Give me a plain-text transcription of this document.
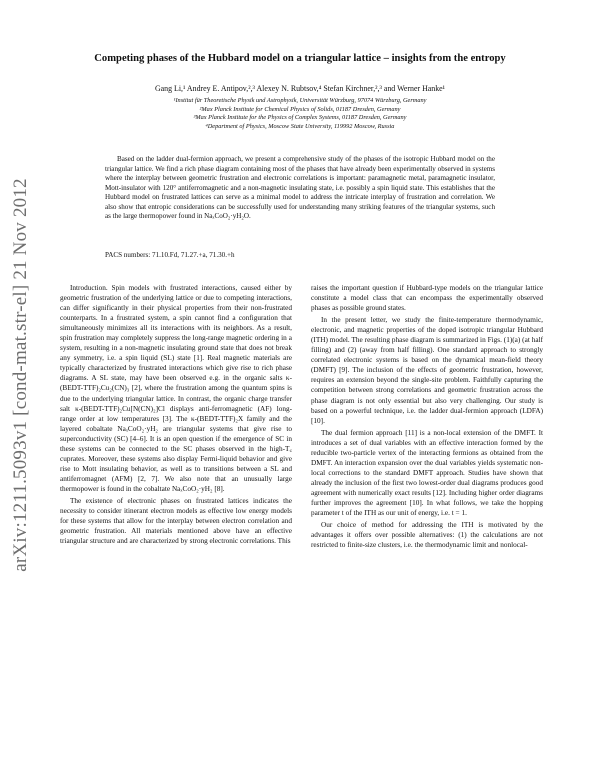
arXiv:1211.5093v1 [cond-mat.str-el] 21 Nov 2012
Competing phases of the Hubbard model on a triangular lattice – insights from the entropy
Gang Li,¹ Andrey E. Antipov,²,³ Alexey N. Rubtsov,⁴ Stefan Kirchner,²,³ and Werner Hanke¹
¹Institut für Theoretische Physik und Astrophysik, Universität Würzburg, 97074 Würzburg, Germany
²Max Planck Institute for Chemical Physics of Solids, 01187 Dresden, Germany
³Max Planck Institute for the Physics of Complex Systems, 01187 Dresden, Germany
⁴Department of Physics, Moscow State University, 119992 Moscow, Russia

Based on the ladder dual-fermion approach, we present a comprehensive study of the phases of the isotropic Hubbard model on the triangular lattice. We find a rich phase diagram containing most of the phases that have already been experimentally observed in systems where the interplay between geometric frustration and electronic correlations is important: paramagnetic metal, paramagnetic insulator, Mott-insulator with 120° antiferromagnetic and a non-magnetic insulating state, i.e. possibly a spin liquid state. This establishes that the Hubbard model on frustrated lattices can serve as a minimal model to address the intricate interplay of frustration and correlation. We also show that entropic considerations can be successfully used for understanding many striking features of the triangular systems, such as the large thermopower found in NaₓCoO₂·yH₂O.

PACS numbers: 71.10.Fd, 71.27.+a, 71.30.+h

Introduction. Spin models with frustrated interactions, caused either by geometric frustration of the underlying lattice or due to competing interactions, can differ significantly in their physical properties from their non-frustrated counterparts. In a frustrated system, a spin cannot find a configuration that simultaneously minimizes all its interactions with its neighbors. As a result, spin frustration may completely suppress the long-range magnetic ordering in a system, resulting in a non-magnetic insulating ground state that does not break any symmetry, i.e. a spin liquid (SL) state [1]. Real magnetic materials are typically characterized by frustrated interactions which give rise to rich phase diagrams. A SL state, may have been observed e.g. in the organic salts κ-(BEDT-TTF)₂Cu₂(CN)₃ [2], where the frustration among the quantum spins is due to the underlying triangular lattice. In contrast, the organic charge transfer salt κ-(BEDT-TTF)₂Cu[N(CN)₂]Cl displays anti-ferromagnetic (AF) long-range order at low temperatures [3]. The κ-(BEDT-TTF)₂X family and the layered cobaltate NaₓCoO₂·yH₂ are triangular systems that give rise to superconductivity (SC) [4–6]. It is an open question if the emergence of SC in these systems can be connected to the SC phases observed in the high-T꜀ cuprates. Moreover, these systems also display Fermi-liquid behavior and give rise to Mott insulating behavior, as well as to transitions between a SL and antiferromagnet (AFM) [2, 7]. We also note that an unusually large thermopower is found in the cobaltate NaₓCoO₂·yH₂ [8].

The existence of electronic phases on frustrated lattices indicates the necessity to consider itinerant electron models as effective low energy models for these systems that allow for the interplay between electron correlation and geometric frustration. All materials mentioned above have an effective triangular structure and are characterized by strong electronic correlations. This

raises the important question if Hubbard-type models on the triangular lattice constitute a model class that can encompass the experimentally observed phases as possible ground states.

In the present letter, we study the finite-temperature thermodynamic, electronic, and magnetic properties of the doped isotropic triangular Hubbard (ITH) model. The resulting phase diagram is summarized in Figs. (1)(a) (at half filling) and (2) (away from half filling). One standard approach to strongly correlated electronic systems is based on the dynamical mean-field theory (DMFT) [9]. The inclusion of the effects of geometric frustration, however, requires an extension beyond the single-site problem. Faithfully capturing the competition between strong correlations and geometric frustration across the phase diagram is not only essential but also very challenging. Our study is based on a powerful technique, i.e. the ladder dual-fermion approach (LDFA) [10].

The dual fermion approach [11] is a non-local extension of the DMFT. It introduces a set of dual variables with an effective interaction formed by the reducible two-particle vertex of the interacting fermions as obtained from the DMFT. An interaction expansion over the dual variables yields systematic non-local corrections to the standard DMFT approach. Studies have shown that already the inclusion of the first two lowest-order dual diagrams produces good agreement with numerically exact results [12]. Including higher order diagrams further improves the agreement [10]. In what follows, we take the hopping parameter t of the ITH as our unit of energy, i.e. t = 1.

Our choice of method for addressing the ITH is motivated by the advantages it offers over possible alternatives: (1) the calculations are not restricted to finite-size clusters, i.e. the thermodynamic limit and nonlocal-
